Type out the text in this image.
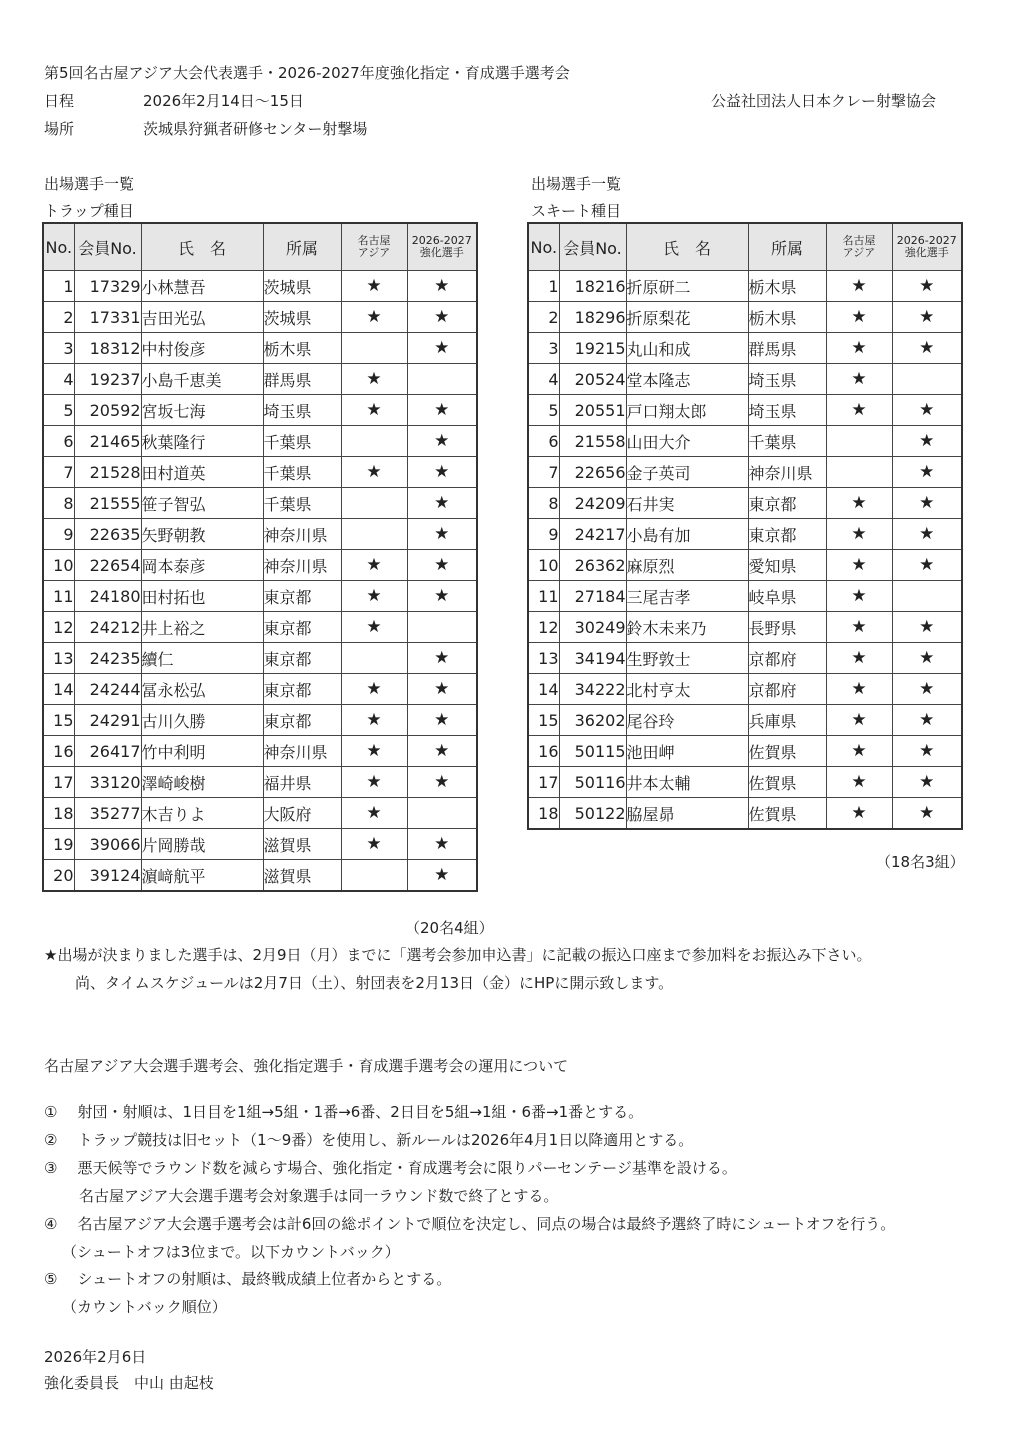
第5回名古屋アジア大会代表選手・2026-2027年度強化指定・育成選手選考会
日程	2026年2月14日～15日
場所	茨城県狩猟者研修センター射撃場
公益社団法人日本クレー射撃協会
出場選手一覧
トラップ種目
No.	会員No.	氏　名	所属	名古屋
アジア	2026-2027
強化選手
1	17329	小林慧吾	茨城県	★	★
2	17331	吉田光弘	茨城県	★	★
3	18312	中村俊彦	栃木県		★
4	19237	小島千恵美	群馬県	★	
5	20592	宮坂七海	埼玉県	★	★
6	21465	秋葉隆行	千葉県		★
7	21528	田村道英	千葉県	★	★
8	21555	笹子智弘	千葉県		★
9	22635	矢野朝教	神奈川県		★
10	22654	岡本泰彦	神奈川県	★	★
11	24180	田村拓也	東京都	★	★
12	24212	井上裕之	東京都	★	
13	24235	續仁	東京都		★
14	24244	冨永松弘	東京都	★	★
15	24291	古川久勝	東京都	★	★
16	26417	竹中利明	神奈川県	★	★
17	33120	澤崎峻樹	福井県	★	★
18	35277	木吉りよ	大阪府	★	
19	39066	片岡勝哉	滋賀県	★	★
20	39124	濵﨑航平	滋賀県		★
（20名4組）
出場選手一覧
スキート種目
No.	会員No.	氏　名	所属	名古屋
アジア	2026-2027
強化選手
1	18216	折原研二	栃木県	★	★
2	18296	折原梨花	栃木県	★	★
3	19215	丸山和成	群馬県	★	★
4	20524	堂本隆志	埼玉県	★	
5	20551	戸口翔太郎	埼玉県	★	★
6	21558	山田大介	千葉県		★
7	22656	金子英司	神奈川県		★
8	24209	石井実	東京都	★	★
9	24217	小島有加	東京都	★	★
10	26362	麻原烈	愛知県	★	★
11	27184	三尾吉孝	岐阜県	★	
12	30249	鈴木未来乃	長野県	★	★
13	34194	生野敦士	京都府	★	★
14	34222	北村亨太	京都府	★	★
15	36202	尾谷玲	兵庫県	★	★
16	50115	池田岬	佐賀県	★	★
17	50116	井本太輔	佐賀県	★	★
18	50122	脇屋昴	佐賀県	★	★
（18名3組）
★出場が決まりました選手は、2月9日（月）までに「選考会参加申込書」に記載の振込口座まで参加料をお振込み下さい。
尚、タイムスケジュールは2月7日（土）、射団表を2月13日（金）にHPに開示致します。
名古屋アジア大会選手選考会、強化指定選手・育成選手選考会の運用について
① 射団・射順は、1日目を1組→5組・1番→6番、2日目を5組→1組・6番→1番とする。
② トラップ競技は旧セット（1～9番）を使用し、新ルールは2026年4月1日以降適用とする。
③ 悪天候等でラウンド数を減らす場合、強化指定・育成選考会に限りパーセンテージ基準を設ける。
名古屋アジア大会選手選考会対象選手は同一ラウンド数で終了とする。
④ 名古屋アジア大会選手選考会は計6回の総ポイントで順位を決定し、同点の場合は最終予選終了時にシュートオフを行う。
（シュートオフは3位まで。以下カウントバック）
⑤ シュートオフの射順は、最終戦成績上位者からとする。
（カウントバック順位）
2026年2月6日
強化委員長　中山 由起枝
